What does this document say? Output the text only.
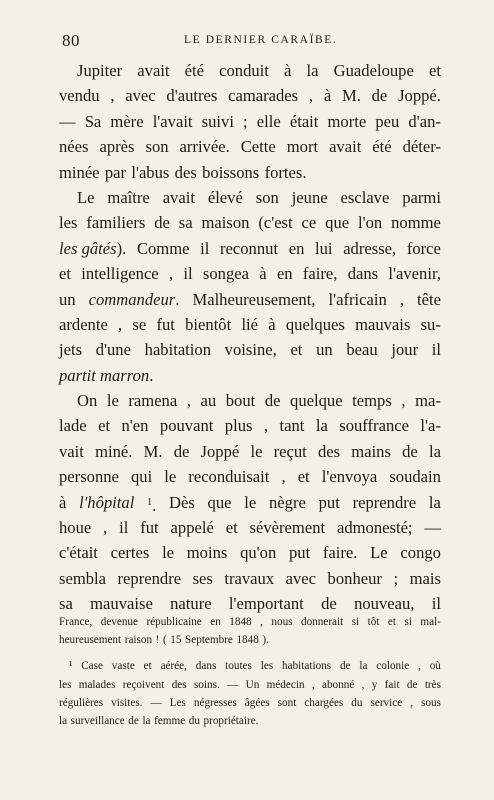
80	LE DERNIER CARAÏBE.
Jupiter avait été conduit à la Guadeloupe et
vendu , avec d'autres camarades , à M. de Joppé.
— Sa mère l'avait suivi ; elle était morte peu d'an-
nées après son arrivée. Cette mort avait été déter-
minée par l'abus des boissons fortes.
Le maître avait élevé son jeune esclave parmi
les familiers de sa maison (c'est ce que l'on nomme
les gâtés). Comme il reconnut en lui adresse, force
et intelligence , il songea à en faire, dans l'avenir,
un commandeur. Malheureusement, l'africain , tête
ardente , se fut bientôt lié à quelques mauvais su-
jets d'une habitation voisine, et un beau jour il
partit marron.
On le ramena , au bout de quelque temps , ma-
lade et n'en pouvant plus , tant la souffrance l'a-
vait miné. M. de Joppé le reçut des mains de la
personne qui le reconduisait , et l'envoya soudain
à l'hôpital 1. Dès que le nègre put reprendre la
houe , il fut appelé et sévèrement admonesté; —
c'était certes le moins qu'on put faire. Le congo
sembla reprendre ses travaux avec bonheur ; mais
sa mauvaise nature l'emportant de nouveau, il
France, devenue républicaine en 1848 , nous donnerait si tôt et si mal-
heureusement raison ! ( 15 Septembre 1848 ).
¹ Case vaste et aérée, dans toutes les habitations de la colonie , où
les malades reçoivent des soins. — Un médecin , abonné , y fait de très
régulières visites. — Les négresses âgées sont chargées du service , sous
la surveillance de la femme du propriétaire.
